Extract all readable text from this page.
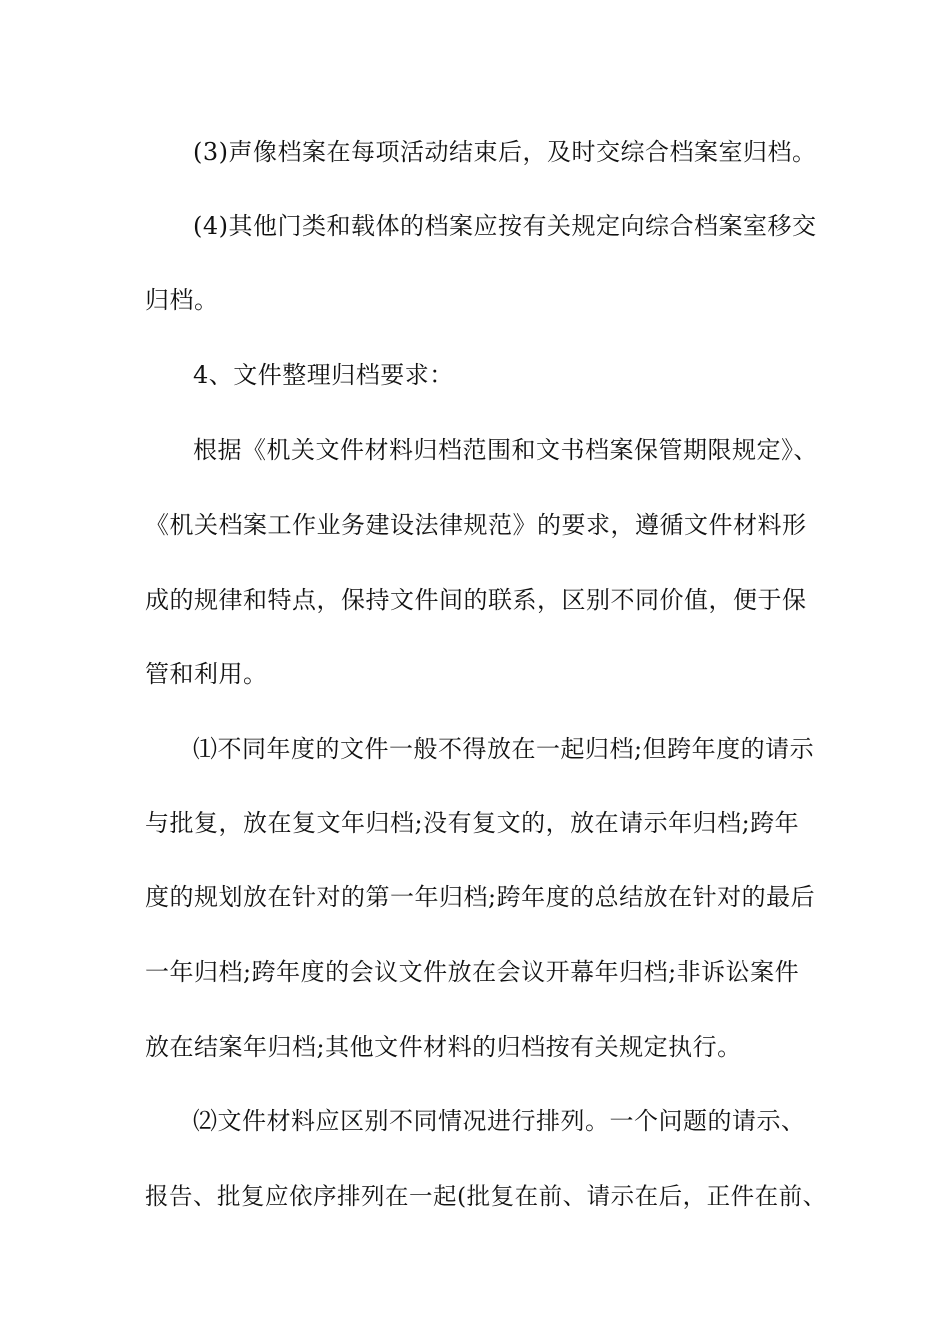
(3)声像档案在每项活动结束后，及时交综合档案室归档。
(4)其他门类和载体的档案应按有关规定向综合档案室移交
归档。
4、文件整理归档要求：
根据《机关文件材料归档范围和文书档案保管期限规定》、
《机关档案工作业务建设法律规范》的要求，遵循文件材料形
成的规律和特点，保持文件间的联系，区别不同价值，便于保
管和利用。
⑴不同年度的文件一般不得放在一起归档;但跨年度的请示
与批复，放在复文年归档;没有复文的，放在请示年归档;跨年
度的规划放在针对的第一年归档;跨年度的总结放在针对的最后
一年归档;跨年度的会议文件放在会议开幕年归档;非诉讼案件
放在结案年归档;其他文件材料的归档按有关规定执行。
⑵文件材料应区别不同情况进行排列。一个问题的请示、
报告、批复应依序排列在一起(批复在前、请示在后，正件在前、
